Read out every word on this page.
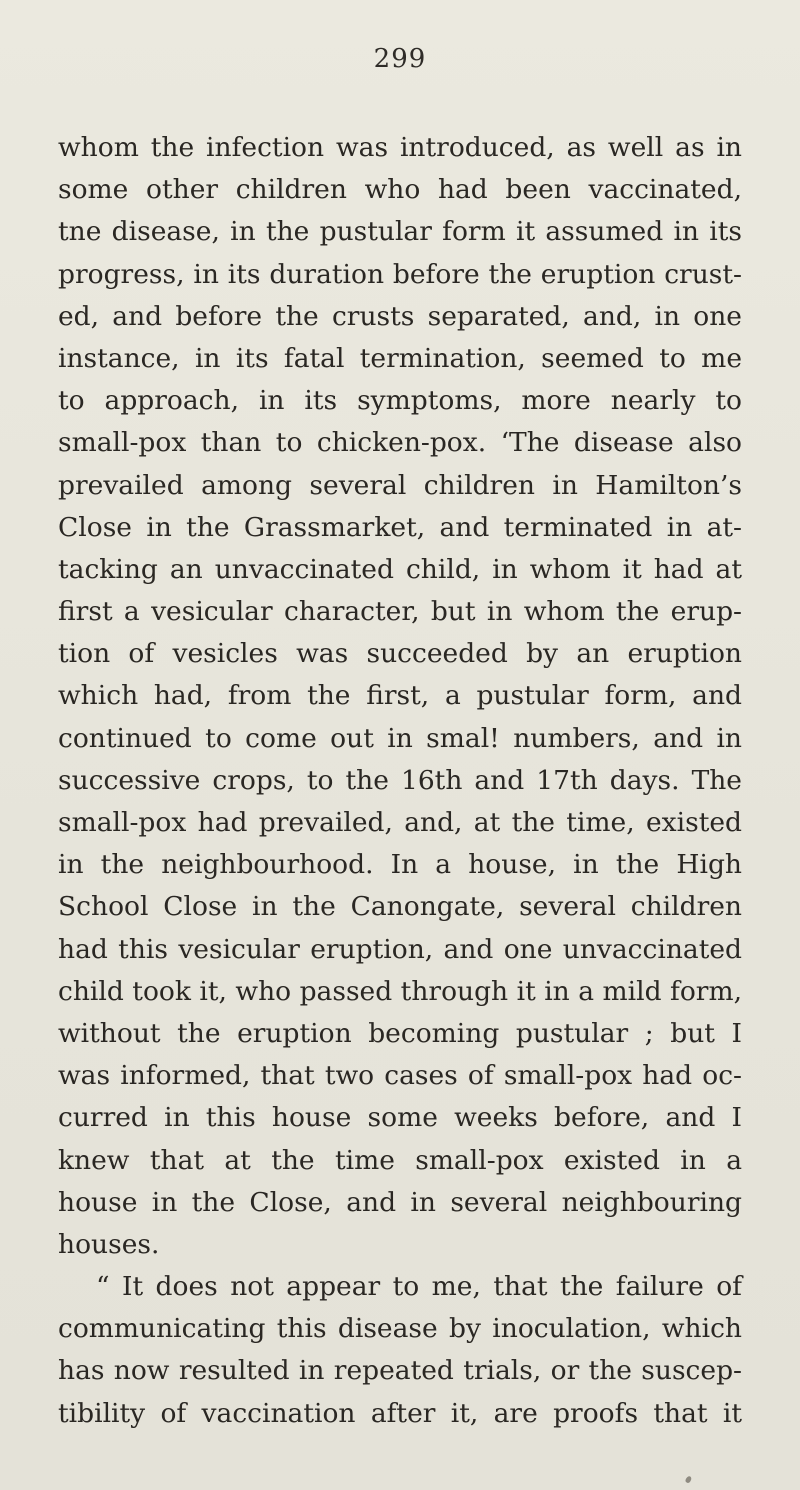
299
whom the infection was introduced, as well as in
some other children who had been vaccinated,
tne disease, in the pustular form it assumed in its
progress, in its duration before the eruption crust-
ed, and before the crusts separated, and, in one
instance, in its fatal termination, seemed to me
to approach, in its symptoms, more nearly to
small-pox than to chicken-pox. ‘The disease also
prevailed among several children in Hamilton’s
Close in the Grassmarket, and terminated in at-
tacking an unvaccinated child, in whom it had at
first a vesicular character, but in whom the erup-
tion of vesicles was succeeded by an eruption
which had, from the first, a pustular form, and
continued to come out in smal! numbers, and in
successive crops, to the 16th and 17th days. The
small-pox had prevailed, and, at the time, existed
in the neighbourhood. In a house, in the High
School Close in the Canongate, several children
had this vesicular eruption, and one unvaccinated
child took it, who passed through it in a mild form,
without the eruption becoming pustular ; but I
was informed, that two cases of small-pox had oc-
curred in this house some weeks before, and I
knew that at the time small-pox existed in a
house in the Close, and in several neighbouring
houses.
“ It does not appear to me, that the failure of
communicating this disease by inoculation, which
has now resulted in repeated trials, or the suscep-
tibility of vaccination after it, are proofs that it
